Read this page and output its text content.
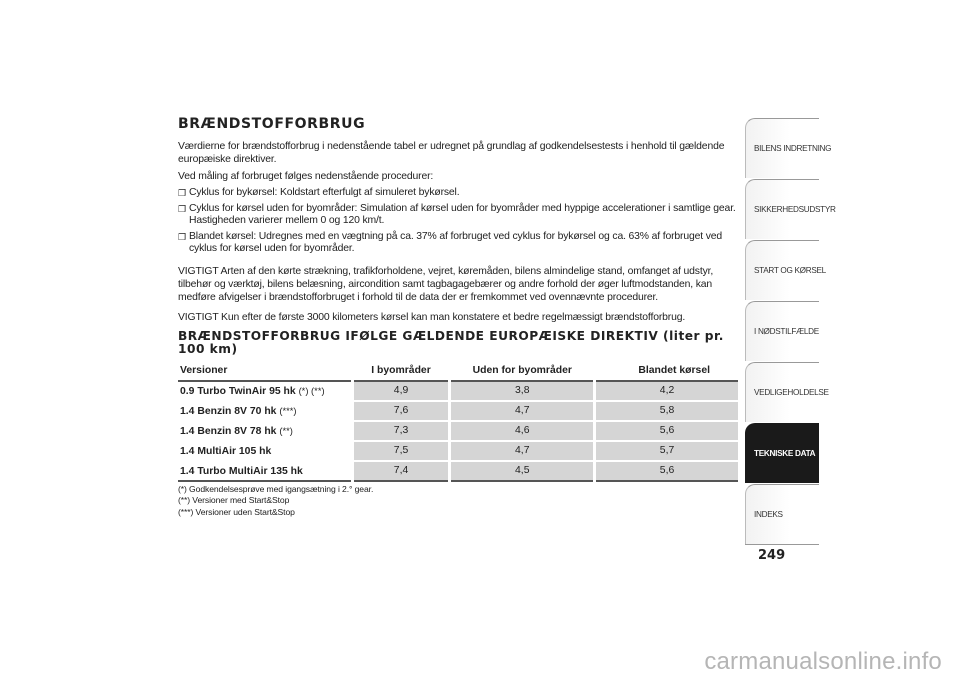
BRÆNDSTOFFORBRUG

Værdierne for brændstofforbrug i nedenstående tabel er udregnet på grundlag af godkendelsestests i henhold til gældende europæiske direktiver.

Ved måling af forbruget følges nedenstående procedurer:

❒ Cyklus for bykørsel: Koldstart efterfulgt af simuleret bykørsel.
❒ Cyklus for kørsel uden for byområder: Simulation af kørsel uden for byområder med hyppige accelerationer i samtlige gear. Hastigheden varierer mellem 0 og 120 km/t.
❒ Blandet kørsel: Udregnes med en vægtning på ca. 37% af forbruget ved cyklus for bykørsel og ca. 63% af forbruget ved cyklus for kørsel uden for byområder.

VIGTIGT Arten af den kørte strækning, trafikforholdene, vejret, køremåden, bilens almindelige stand, omfanget af udstyr, tilbehør og værktøj, bilens belæsning, aircondition samt tagbagagebærer og andre forhold der øger luftmodstanden, kan medføre afvigelser i brændstofforbruget i forhold til de data der er fremkommet ved ovennævnte procedurer.

VIGTIGT Kun efter de første 3000 kilometers kørsel kan man konstatere et bedre regelmæssigt brændstofforbrug.

BRÆNDSTOFFORBRUG IFØLGE GÆLDENDE EUROPÆISKE DIREKTIV (liter pr. 100 km)
Versioner	I byområder	Uden for byområder	Blandet kørsel
0.9 Turbo TwinAir 95 hk (*) (**)	4,9	3,8	4,2
1.4 Benzin 8V 70 hk (***)	7,6	4,7	5,8
1.4 Benzin 8V 78 hk (**)	7,3	4,6	5,6
1.4 MultiAir 105 hk	7,5	4,7	5,7
1.4 Turbo MultiAir 135 hk	7,4	4,5	5,6
(*) Godkendelsesprøve med igangsætning i 2.° gear.
(**) Versioner med Start&Stop
(***) Versioner uden Start&Stop
BILENS INDRETNING
SIKKERHEDSUDSTYR
START OG KØRSEL
I NØDSTILFÆLDE
VEDLIGEHOLDELSE
TEKNISKE DATA
INDEKS
249
carmanualsonline.info
